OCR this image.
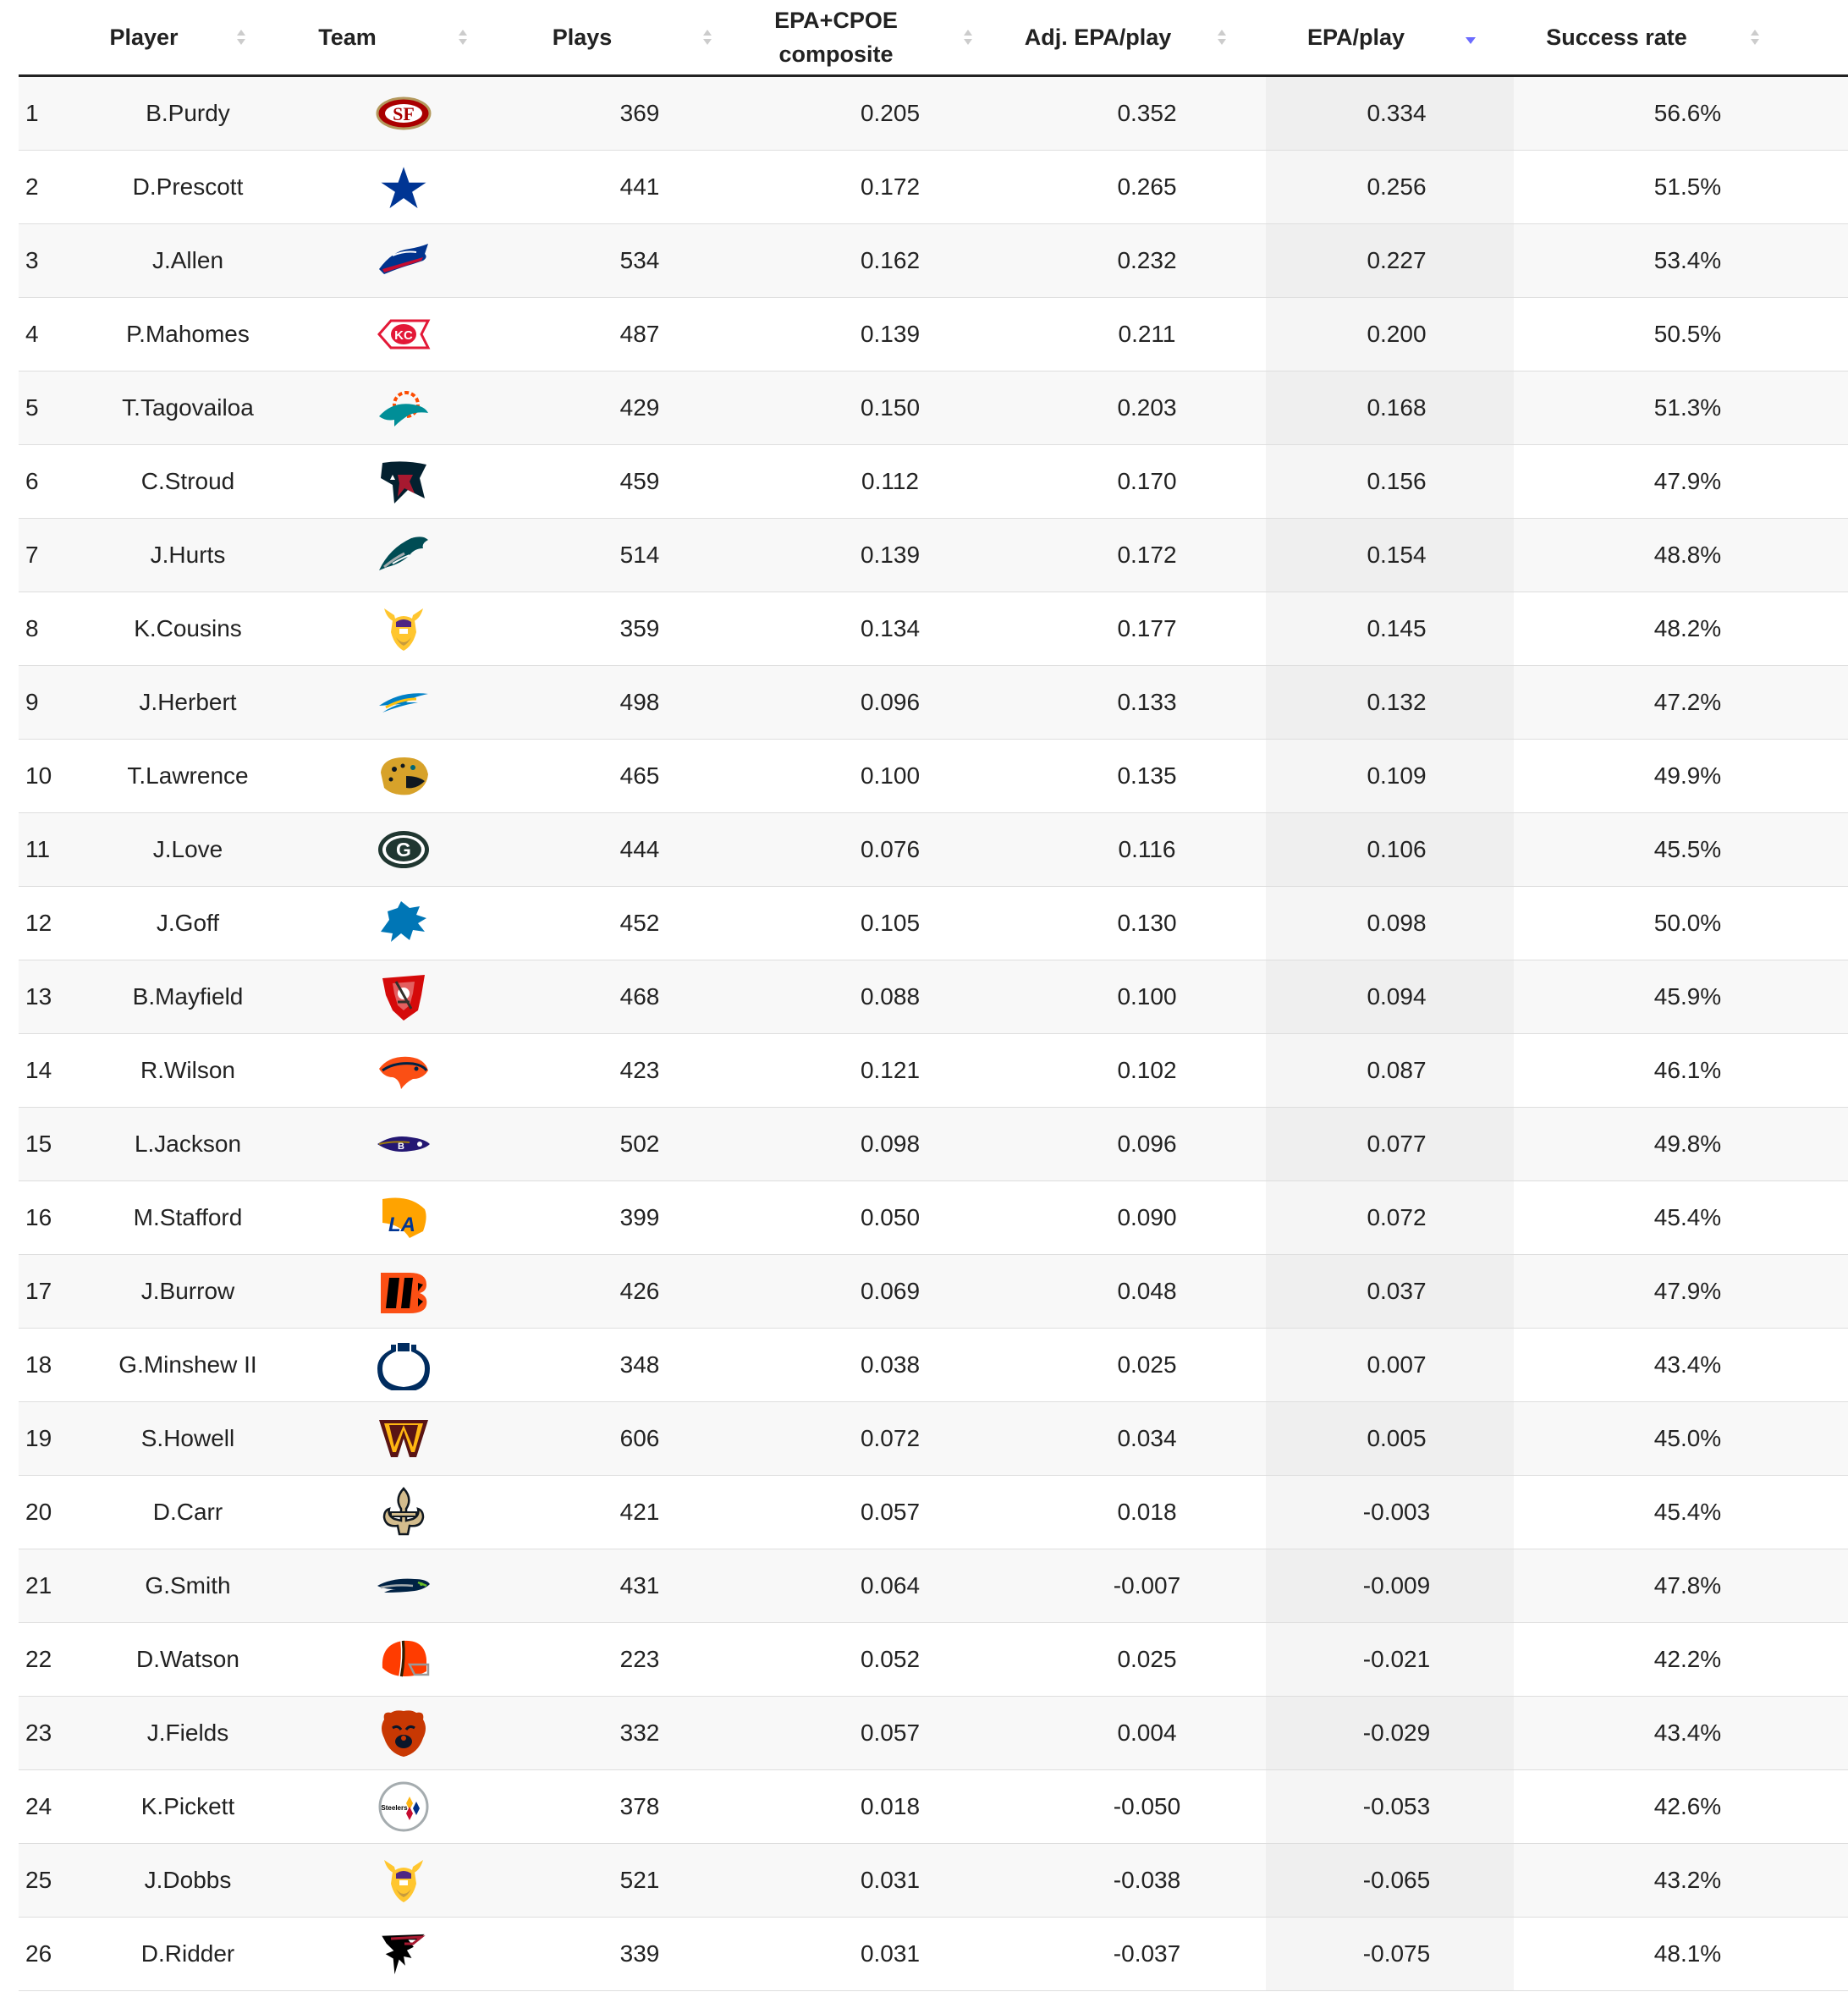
	Player	Team	Plays	EPA+CPOE
composite	Adj. EPA/play	EPA/play	Success rate

1	B.Purdy	SF	369	0.205	0.352	0.334	56.6%
2	D.Prescott		441	0.172	0.265	0.256	51.5%
3	J.Allen		534	0.162	0.232	0.227	53.4%
4	P.Mahomes	KC	487	0.139	0.211	0.200	50.5%
5	T.Tagovailoa		429	0.150	0.203	0.168	51.3%
6	C.Stroud		459	0.112	0.170	0.156	47.9%
7	J.Hurts		514	0.139	0.172	0.154	48.8%
8	K.Cousins		359	0.134	0.177	0.145	48.2%
9	J.Herbert		498	0.096	0.133	0.132	47.2%
10	T.Lawrence		465	0.100	0.135	0.109	49.9%
11	J.Love	G	444	0.076	0.116	0.106	45.5%
12	J.Goff		452	0.105	0.130	0.098	50.0%
13	B.Mayfield		468	0.088	0.100	0.094	45.9%
14	R.Wilson		423	0.121	0.102	0.087	46.1%
15	L.Jackson	B	502	0.098	0.096	0.077	49.8%
16	M.Stafford	LA	399	0.050	0.090	0.072	45.4%
17	J.Burrow		426	0.069	0.048	0.037	47.9%
18	G.Minshew II		348	0.038	0.025	0.007	43.4%
19	S.Howell		606	0.072	0.034	0.005	45.0%
20	D.Carr		421	0.057	0.018	-0.003	45.4%
21	G.Smith		431	0.064	-0.007	-0.009	47.8%
22	D.Watson		223	0.052	0.025	-0.021	42.2%
23	J.Fields		332	0.057	0.004	-0.029	43.4%
24	K.Pickett	Steelers	378	0.018	-0.050	-0.053	42.6%
25	J.Dobbs		521	0.031	-0.038	-0.065	43.2%
26	D.Ridder		339	0.031	-0.037	-0.075	48.1%
